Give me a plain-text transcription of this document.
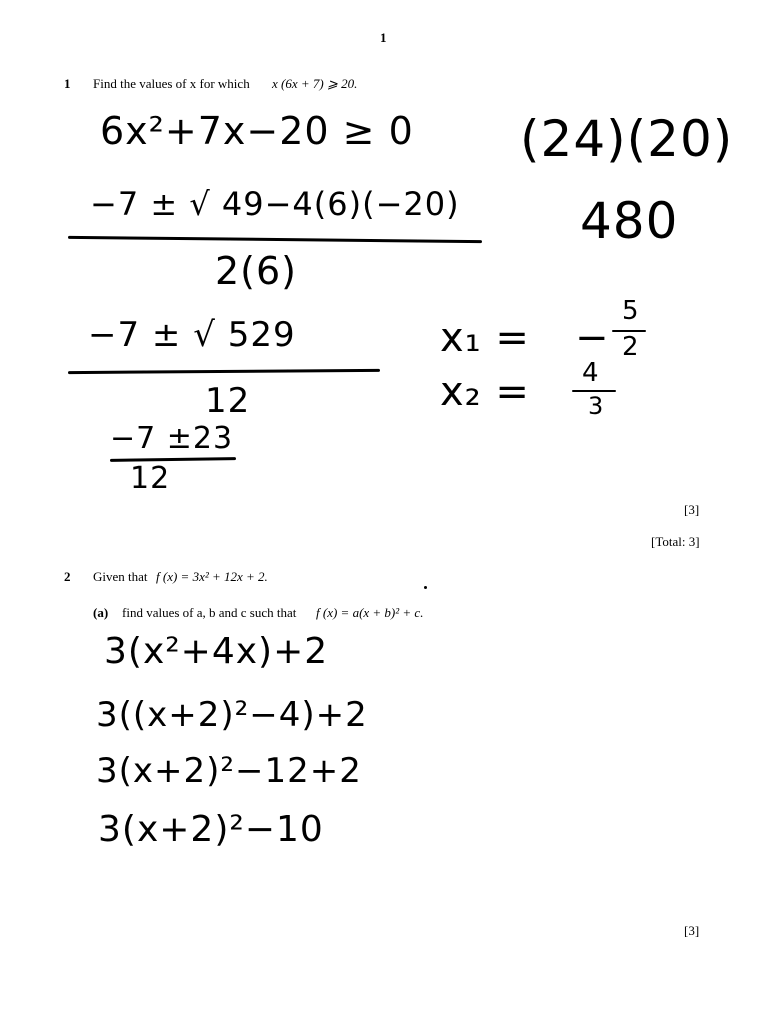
1
1 Find the values of x for which x (6x + 7) ⩾ 20.
6x²+7x−20 ≥ 0
−7 ± √ 49−4(6)(−20)
2(6)
−7 ± √ 529
12
−7 ±23
12
(24)(20)
480
x₁ = −
5
2
x₂ = 4
3
[3]
[Total: 3]
2 Given that f (x) = 3x² + 12x + 2.
(a) find values of a, b and c such that f (x) = a(x + b)² + c.
3(x²+4x)+2
3((x+2)²−4)+2
3(x+2)²−12+2
3(x+2)²−10
[3]
